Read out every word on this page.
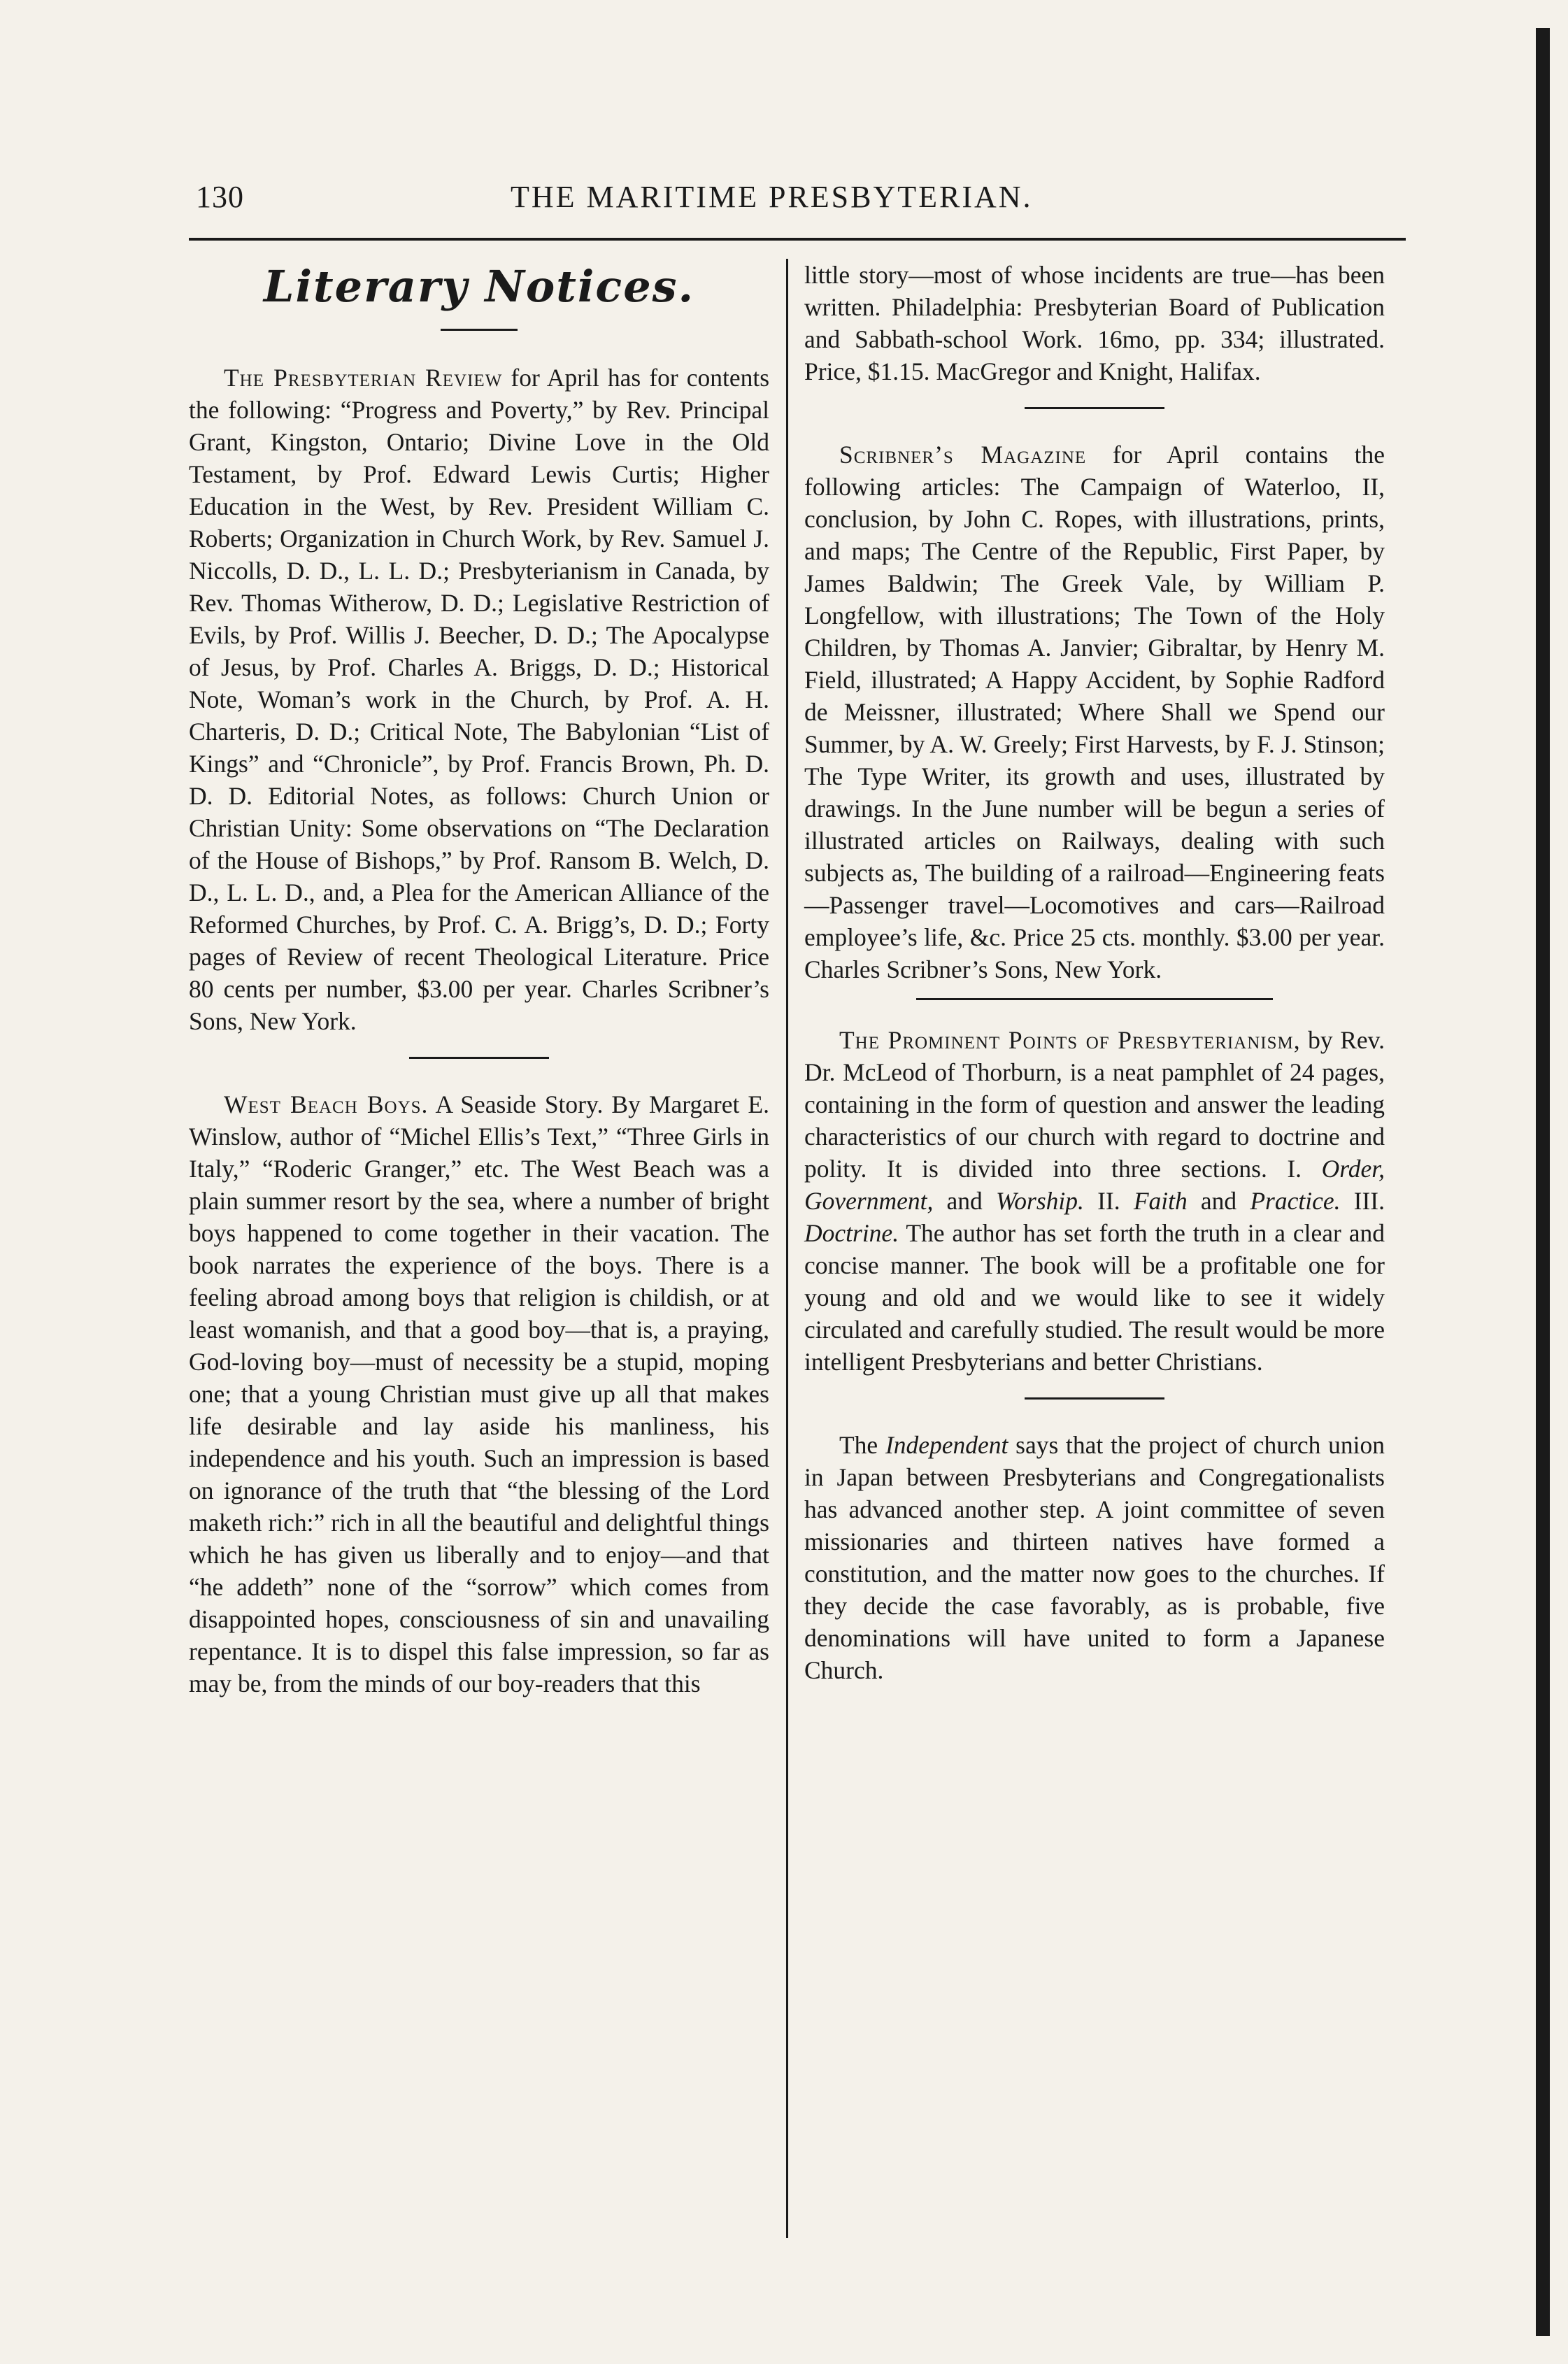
130	THE MARITIME PRESBYTERIAN.
Literary Notices.

The Presbyterian Review for April has for contents the following: “Progress and Poverty,” by Rev. Principal Grant, Kingston, Ontario; Divine Love in the Old Testament, by Prof. Edward Lewis Curtis; Higher Education in the West, by Rev. President William C. Roberts; Organization in Church Work, by Rev. Samuel J. Niccolls, D. D., L. L. D.; Presbyterianism in Canada, by Rev. Thomas Witherow, D. D.; Legislative Restriction of Evils, by Prof. Willis J. Beecher, D. D.; The Apocalypse of Jesus, by Prof. Charles A. Briggs, D. D.; Historical Note, Woman’s work in the Church, by Prof. A. H. Charteris, D. D.; Critical Note, The Babylonian “List of Kings” and “Chronicle”, by Prof. Francis Brown, Ph. D. D. D. Editorial Notes, as follows: Church Union or Christian Unity: Some observations on “The Declaration of the House of Bishops,” by Prof. Ransom B. Welch, D. D., L. L. D., and, a Plea for the American Alliance of the Reformed Churches, by Prof. C. A. Brigg’s, D. D.; Forty pages of Review of recent Theological Literature. Price 80 cents per number, $3.00 per year. Charles Scribner’s Sons, New York.

West Beach Boys. A Seaside Story. By Margaret E. Winslow, author of “Michel Ellis’s Text,” “Three Girls in Italy,” “Roderic Granger,” etc. The West Beach was a plain summer resort by the sea, where a number of bright boys happened to come together in their vacation. The book narrates the experience of the boys. There is a feeling abroad among boys that religion is childish, or at least womanish, and that a good boy—that is, a praying, God-loving boy—must of necessity be a stupid, moping one; that a young Christian must give up all that makes life desirable and lay aside his manliness, his independence and his youth. Such an impression is based on ignorance of the truth that “the blessing of the Lord maketh rich:” rich in all the beautiful and delightful things which he has given us liberally and to enjoy—and that “he addeth” none of the “sorrow” which comes from disappointed hopes, consciousness of sin and unavailing repentance. It is to dispel this false impression, so far as may be, from the minds of our boy-readers that this

little story—most of whose incidents are true—has been written. Philadelphia: Presbyterian Board of Publication and Sabbath-school Work. 16mo, pp. 334; illustrated. Price, $1.15. MacGregor and Knight, Halifax.

Scribner’s Magazine for April contains the following articles: The Campaign of Waterloo, II, conclusion, by John C. Ropes, with illustrations, prints, and maps; The Centre of the Republic, First Paper, by James Baldwin; The Greek Vale, by William P. Longfellow, with illustrations; The Town of the Holy Children, by Thomas A. Janvier; Gibraltar, by Henry M. Field, illustrated; A Happy Accident, by Sophie Radford de Meissner, illustrated; Where Shall we Spend our Summer, by A. W. Greely; First Harvests, by F. J. Stinson; The Type Writer, its growth and uses, illustrated by drawings. In the June number will be begun a series of illustrated articles on Railways, dealing with such subjects as, The building of a railroad—Engineering feats—Passenger travel—Locomotives and cars—Railroad employee’s life, &c. Price 25 cts. monthly. $3.00 per year. Charles Scribner’s Sons, New York.

The Prominent Points of Presbyterianism, by Rev. Dr. McLeod of Thorburn, is a neat pamphlet of 24 pages, containing in the form of question and answer the leading characteristics of our church with regard to doctrine and polity. It is divided into three sections. I. Order, Government, and Worship. II. Faith and Practice. III. Doctrine. The author has set forth the truth in a clear and concise manner. The book will be a profitable one for young and old and we would like to see it widely circulated and carefully studied. The result would be more intelligent Presbyterians and better Christians.

The Independent says that the project of church union in Japan between Presbyterians and Congregationalists has advanced another step. A joint committee of seven missionaries and thirteen natives have formed a constitution, and the matter now goes to the churches. If they decide the case favorably, as is probable, five denominations will have united to form a Japanese Church.
